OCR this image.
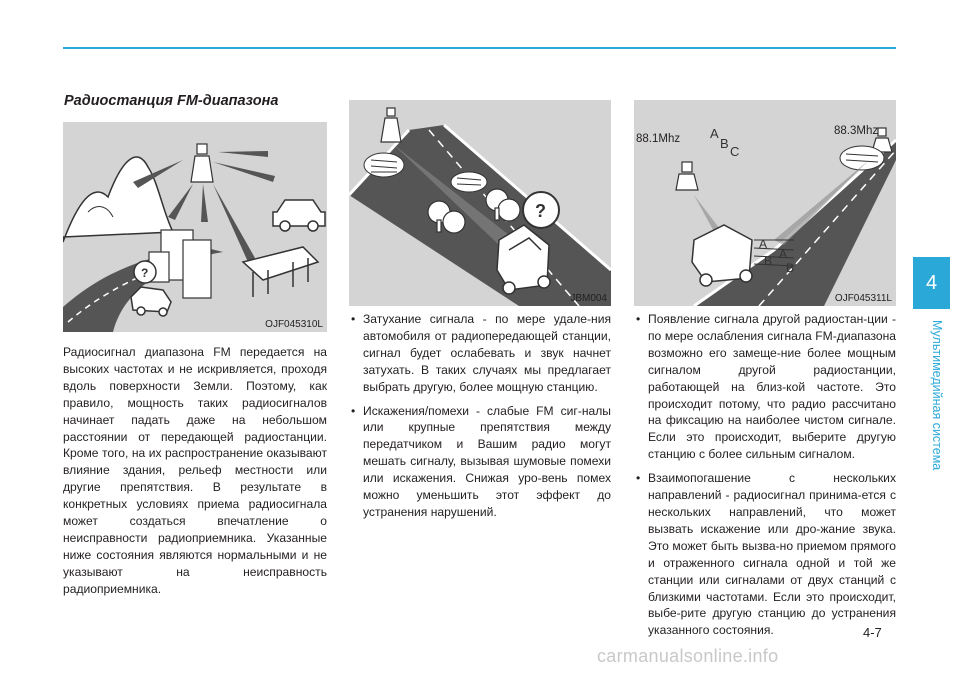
Радиостанция FM-диапазона
?
OJF045310L
?
JBM004
88.1Mhz
88.3Mhz
A
B
C
A
A
B B
OJF045311L

Радиосигнал диапазона FM передается на высоких частотах и не искривляется, проходя вдоль поверхности Земли. Поэтому, как правило, мощность таких радиосигналов начинает падать даже на небольшом расстоянии от передающей радиостанции. Кроме того, на их распространение оказывают влияние здания, рельеф местности или другие препятствия. В результате в конкретных условиях приема радиосигнала может создаться впечатление о неисправности радиоприемника. Указанные ниже состояния являются нормальными и не указывают на неисправность радиоприемника.

• Затухание сигнала - по мере удале-ния автомобиля от радиопередающей станции, сигнал будет ослабевать и звук начнет затухать. В таких случаях мы предлагает выбрать другую, более мощную станцию.
• Искажения/помехи - слабые FM сиг-налы или крупные препятствия между передатчиком и Вашим радио могут мешать сигналу, вызывая шумовые помехи или искажения. Снижая уро-вень помех можно уменьшить этот эффект до устранения нарушений.
• Появление сигнала другой радиостан-ции - по мере ослабления сигнала FM-диапазона возможно его замеще-ние более мощным сигналом другой радиостанции, работающей на близ-кой частоте. Это происходит потому, что радио рассчитано на фиксацию на наиболее чистом сигнале. Если это происходит, выберите другую станцию с более сильным сигналом.
• Взаимопогашение с нескольких направлений - радиосигнал принима-ется с нескольких направлений, что может вызвать искажение или дро-жание звука. Это может быть вызва-но приемом прямого и отраженного сигнала одной и той же станции или сигналами от двух станций с близкими частотами. Если это происходит, выбе-рите другую станцию до устранения указанного состояния.
4
Мультимедийная система
4-7
carmanualsonline.info
